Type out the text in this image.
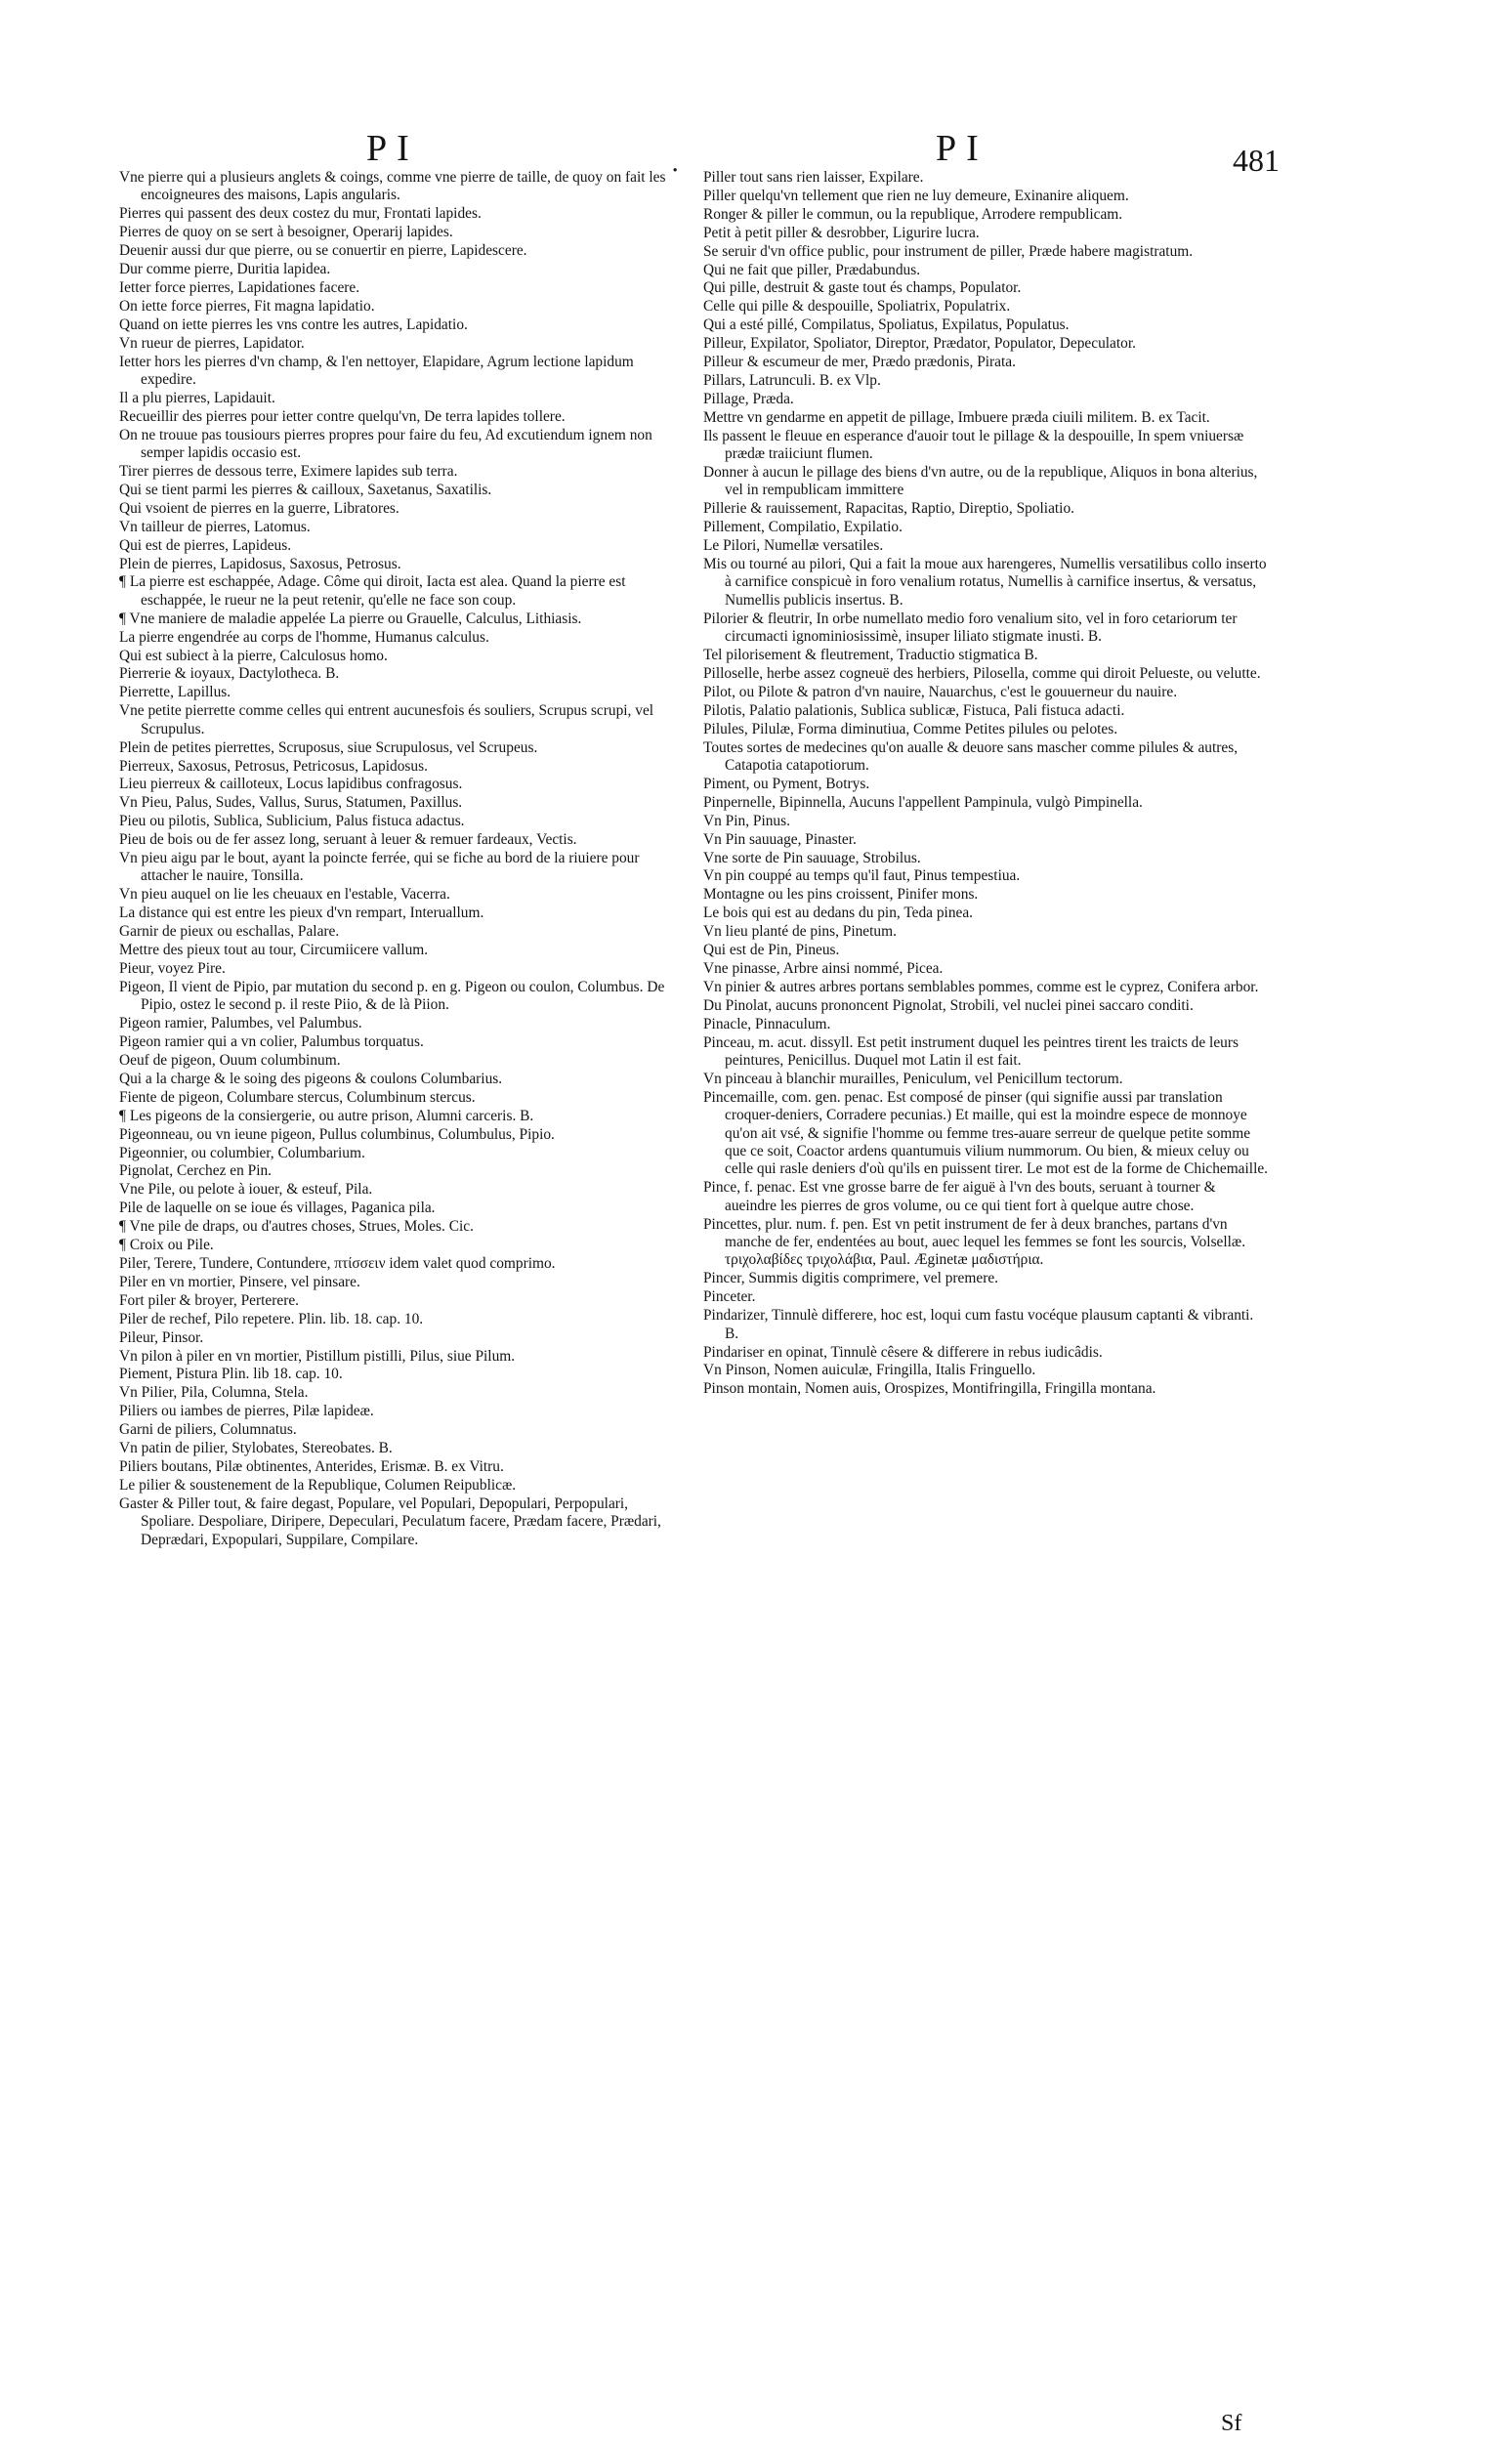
PI	.	PI	481
Vne pierre qui a plusieurs anglets & coings, comme vne pierre de taille, de quoy on fait les encoigneures des maisons, Lapis angularis.
Pierres qui passent des deux costez du mur, Frontati lapides.
Pierres de quoy on se sert à besoigner, Operarij lapides.
Deuenir aussi dur que pierre, ou se conuertir en pierre, Lapidescere.
Dur comme pierre, Duritia lapidea.
Ietter force pierres, Lapidationes facere.
On iette force pierres, Fit magna lapidatio.
Quand on iette pierres les vns contre les autres, Lapidatio.
Vn rueur de pierres, Lapidator.
Ietter hors les pierres d'vn champ, & l'en nettoyer, Elapidare, Agrum lectione lapidum expedire.
Il a plu pierres, Lapidauit.
Recueillir des pierres pour ietter contre quelqu'vn, De terra lapides tollere.
On ne trouue pas tousiours pierres propres pour faire du feu, Ad excutiendum ignem non semper lapidis occasio est.
Tirer pierres de dessous terre, Eximere lapides sub terra.
Qui se tient parmi les pierres & cailloux, Saxetanus, Saxatilis.
Qui vsoient de pierres en la guerre, Libratores.
Vn tailleur de pierres, Latomus.
Qui est de pierres, Lapideus.
Plein de pierres, Lapidosus, Saxosus, Petrosus.
¶ La pierre est eschappée, Adage. Côme qui diroit, Iacta est alea. Quand la pierre est eschappée, le rueur ne la peut retenir, qu'elle ne face son coup.
¶ Vne maniere de maladie appelée La pierre ou Grauelle, Calculus, Lithiasis.
La pierre engendrée au corps de l'homme, Humanus calculus.
Qui est subiect à la pierre, Calculosus homo.
Pierrerie & ioyaux, Dactylotheca. B.
Pierrette, Lapillus.
Vne petite pierrette comme celles qui entrent aucunesfois és souliers, Scrupus scrupi, vel Scrupulus.
Plein de petites pierrettes, Scruposus, siue Scrupulosus, vel Scrupeus.
Pierreux, Saxosus, Petrosus, Petricosus, Lapidosus.
Lieu pierreux & cailloteux, Locus lapidibus confragosus.
Vn Pieu, Palus, Sudes, Vallus, Surus, Statumen, Paxillus.
Pieu ou pilotis, Sublica, Sublicium, Palus fistuca adactus.
Pieu de bois ou de fer assez long, seruant à leuer & remuer fardeaux, Vectis.
Vn pieu aigu par le bout, ayant la poincte ferrée, qui se fiche au bord de la riuiere pour attacher le nauire, Tonsilla.
Vn pieu auquel on lie les cheuaux en l'estable, Vacerra.
La distance qui est entre les pieux d'vn rempart, Interuallum.
Garnir de pieux ou eschallas, Palare.
Mettre des pieux tout au tour, Circumiicere vallum.
Pieur, voyez Pire.
Pigeon, Il vient de Pipio, par mutation du second p. en g. Pigeon ou coulon, Columbus. De Pipio, ostez le second p. il reste Piio, & de là Piion.
Pigeon ramier, Palumbes, vel Palumbus.
Pigeon ramier qui a vn colier, Palumbus torquatus.
Oeuf de pigeon, Ouum columbinum.
Qui a la charge & le soing des pigeons & coulons Columbarius.
Fiente de pigeon, Columbare stercus, Columbinum stercus.
¶ Les pigeons de la consiergerie, ou autre prison, Alumni carceris. B.
Pigeonneau, ou vn ieune pigeon, Pullus columbinus, Columbulus, Pipio.
Pigeonnier, ou columbier, Columbarium.
Pignolat, Cerchez en Pin.
Vne Pile, ou pelote à iouer, & esteuf, Pila.
Pile de laquelle on se ioue és villages, Paganica pila.
¶ Vne pile de draps, ou d'autres choses, Strues, Moles. Cic.
¶ Croix ou Pile.
Piler, Terere, Tundere, Contundere, πτίσσειν idem valet quod comprimo.
Piler en vn mortier, Pinsere, vel pinsare.
Fort piler & broyer, Perterere.
Piler de rechef, Pilo repetere. Plin. lib. 18. cap. 10.
Pileur, Pinsor.
Vn pilon à piler en vn mortier, Pistillum pistilli, Pilus, siue Pilum.
Piement, Pistura Plin. lib 18. cap. 10.
Vn Pilier, Pila, Columna, Stela.
Piliers ou iambes de pierres, Pilæ lapideæ.
Garni de piliers, Columnatus.
Vn patin de pilier, Stylobates, Stereobates. B.
Piliers boutans, Pilæ obtinentes, Anterides, Erismæ. B. ex Vitru.
Le pilier & soustenement de la Republique, Columen Reipublicæ.
Gaster & Piller tout, & faire degast, Populare, vel Populari, Depopulari, Perpopulari, Spoliare. Despoliare, Diripere, Depeculari, Peculatum facere, Prædam facere, Prædari, Deprædari, Expopulari, Suppilare, Compilare.
Piller tout sans rien laisser, Expilare.
Piller quelqu'vn tellement que rien ne luy demeure, Exinanire aliquem.
Ronger & piller le commun, ou la republique, Arrodere rempublicam.
Petit à petit piller & desrobber, Ligurire lucra.
Se seruir d'vn office public, pour instrument de piller, Præde habere magistratum.
Qui ne fait que piller, Prædabundus.
Qui pille, destruit & gaste tout és champs, Populator.
Celle qui pille & despouille, Spoliatrix, Populatrix.
Qui a esté pillé, Compilatus, Spoliatus, Expilatus, Populatus.
Pilleur, Expilator, Spoliator, Direptor, Prædator, Populator, Depeculator.
Pilleur & escumeur de mer, Prædo prædonis, Pirata.
Pillars, Latrunculi. B. ex Vlp.
Pillage, Præda.
Mettre vn gendarme en appetit de pillage, Imbuere præda ciuili militem. B. ex Tacit.
Ils passent le fleuue en esperance d'auoir tout le pillage & la despouille, In spem vniuersæ prædæ traiiciunt flumen.
Donner à aucun le pillage des biens d'vn autre, ou de la republique, Aliquos in bona alterius, vel in rempublicam immittere
Pillerie & rauissement, Rapacitas, Raptio, Direptio, Spoliatio.
Pillement, Compilatio, Expilatio.
Le Pilori, Numellæ versatiles.
Mis ou tourné au pilori, Qui a fait la moue aux harengeres, Numellis versatilibus collo inserto à carnifice conspicuè in foro venalium rotatus, Numellis à carnifice insertus, & versatus, Numellis publicis insertus. B.
Pilorier & fleutrir, In orbe numellato medio foro venalium sito, vel in foro cetariorum ter circumacti ignominiosissimè, insuper liliato stigmate inusti. B.
Tel pilorisement & fleutrement, Traductio stigmatica B.
Pilloselle, herbe assez cogneuë des herbiers, Pilosella, comme qui diroit Pelueste, ou velutte.
Pilot, ou Pilote & patron d'vn nauire, Nauarchus, c'est le gouuerneur du nauire.
Pilotis, Palatio palationis, Sublica sublicæ, Fistuca, Pali fistuca adacti.
Pilules, Pilulæ, Forma diminutiua, Comme Petites pilules ou pelotes.
Toutes sortes de medecines qu'on aualle & deuore sans mascher comme pilules & autres, Catapotia catapotiorum.
Piment, ou Pyment, Botrys.
Pinpernelle, Bipinnella, Aucuns l'appellent Pampinula, vulgò Pimpinella.
Vn Pin, Pinus.
Vn Pin sauuage, Pinaster.
Vne sorte de Pin sauuage, Strobilus.
Vn pin couppé au temps qu'il faut, Pinus tempestiua.
Montagne ou les pins croissent, Pinifer mons.
Le bois qui est au dedans du pin, Teda pinea.
Vn lieu planté de pins, Pinetum.
Qui est de Pin, Pineus.
Vne pinasse, Arbre ainsi nommé, Picea.
Vn pinier & autres arbres portans semblables pommes, comme est le cyprez, Conifera arbor.
Du Pinolat, aucuns prononcent Pignolat, Strobili, vel nuclei pinei saccaro conditi.
Pinacle, Pinnaculum.
Pinceau, m. acut. dissyll. Est petit instrument duquel les peintres tirent les traicts de leurs peintures, Penicillus. Duquel mot Latin il est fait.
Vn pinceau à blanchir murailles, Peniculum, vel Penicillum tectorum.
Pincemaille, com. gen. penac. Est composé de pinser (qui signifie aussi par translation croquer-deniers, Corradere pecunias.) Et maille, qui est la moindre espece de monnoye qu'on ait vsé, & signifie l'homme ou femme tres-auare serreur de quelque petite somme que ce soit, Coactor ardens quantumuis vilium nummorum. Ou bien, & mieux celuy ou celle qui rasle deniers d'où qu'ils en puissent tirer. Le mot est de la forme de Chichemaille.
Pince, f. penac. Est vne grosse barre de fer aiguë à l'vn des bouts, seruant à tourner & aueindre les pierres de gros volume, ou ce qui tient fort à quelque autre chose.
Pincettes, plur. num. f. pen. Est vn petit instrument de fer à deux branches, partans d'vn manche de fer, endentées au bout, auec lequel les femmes se font les sourcis, Volsellæ. τριχολαβίδες τριχολάβια, Paul. Æginetæ μαδιστήρια.
Pincer, Summis digitis comprimere, vel premere.
Pinceter.
Pindarizer, Tinnulè differere, hoc est, loqui cum fastu vocéque plausum captanti & vibranti. B.
Pindariser en opinat, Tinnulè cêsere & differere in rebus iudicâdis.
Vn Pinson, Nomen auiculæ, Fringilla, Italis Fringuello.
Pinson montain, Nomen auis, Orospizes, Montifringilla, Fringilla montana.
Sf
